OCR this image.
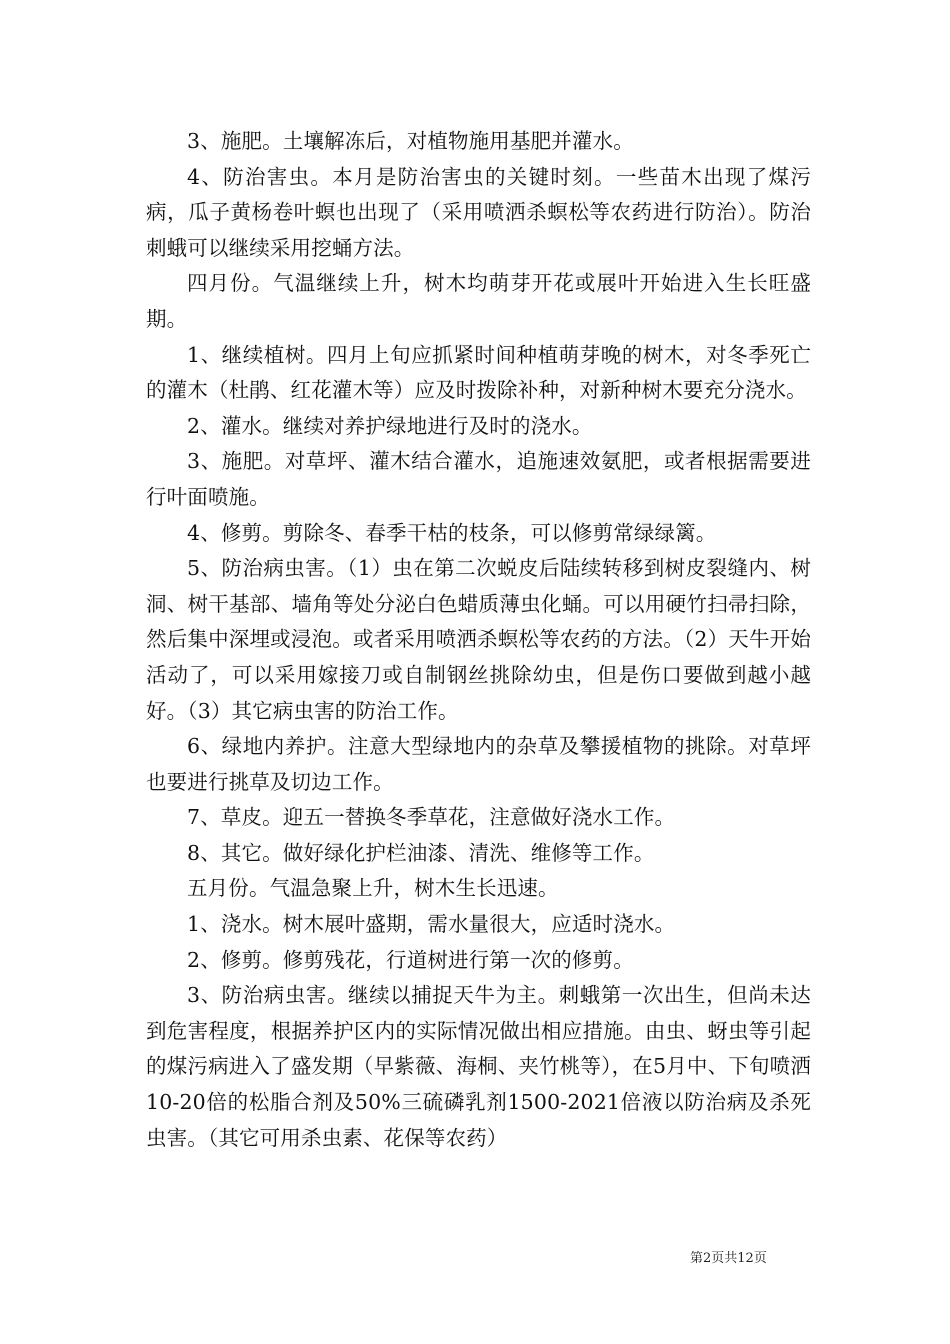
3、施肥。土壤解冻后，对植物施用基肥并灌水。

4、防治害虫。本月是防治害虫的关键时刻。一些苗木出现了煤污病，瓜子黄杨卷叶螟也出现了（采用喷洒杀螟松等农药进行防治）。防治刺蛾可以继续采用挖蛹方法。

四月份。气温继续上升，树木均萌芽开花或展叶开始进入生长旺盛期。

1、继续植树。四月上旬应抓紧时间种植萌芽晚的树木，对冬季死亡的灌木（杜鹃、红花灌木等）应及时拨除补种，对新种树木要充分浇水。

2、灌水。继续对养护绿地进行及时的浇水。

3、施肥。对草坪、灌木结合灌水，追施速效氨肥，或者根据需要进行叶面喷施。

4、修剪。剪除冬、春季干枯的枝条，可以修剪常绿绿篱。

5、防治病虫害。（1）虫在第二次蜕皮后陆续转移到树皮裂缝内、树洞、树干基部、墙角等处分泌白色蜡质薄虫化蛹。可以用硬竹扫帚扫除，然后集中深埋或浸泡。或者采用喷洒杀螟松等农药的方法。（2）天牛开始活动了，可以采用嫁接刀或自制钢丝挑除幼虫，但是伤口要做到越小越好。（3）其它病虫害的防治工作。

6、绿地内养护。注意大型绿地内的杂草及攀援植物的挑除。对草坪也要进行挑草及切边工作。

7、草皮。迎五一替换冬季草花，注意做好浇水工作。

8、其它。做好绿化护栏油漆、清洗、维修等工作。

五月份。气温急聚上升，树木生长迅速。

1、浇水。树木展叶盛期，需水量很大，应适时浇水。

2、修剪。修剪残花，行道树进行第一次的修剪。

3、防治病虫害。继续以捕捉天牛为主。刺蛾第一次出生，但尚未达到危害程度，根据养护区内的实际情况做出相应措施。由虫、蚜虫等引起的煤污病进入了盛发期（早紫薇、海桐、夹竹桃等），在5月中、下旬喷洒10-20倍的松脂合剂及50%三硫磷乳剂1500-2021倍液以防治病及杀死虫害。（其它可用杀虫素、花保等农药）

第2页共12页
